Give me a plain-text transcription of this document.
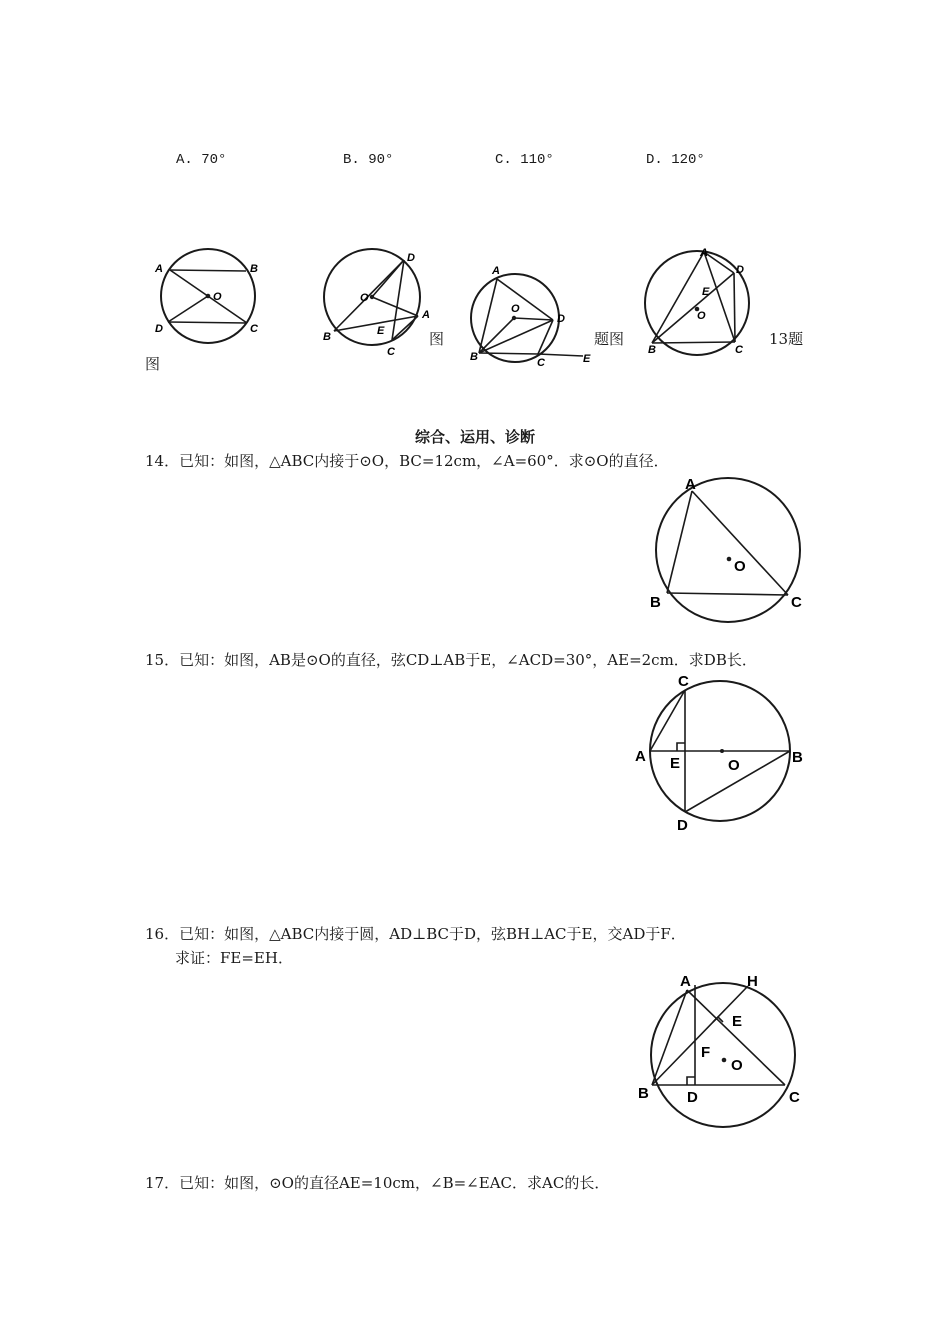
A. 70°	B. 90°	C. 110°	D. 120°
A	B
O
D	C
D
O
A
B	E
C
图
A
O
D
B	C	E
题图
A
D
E
O
B	C
13题
图
综合、运用、诊断
14．已知：如图，△ABC内接于⊙O，BC=12cm，∠A=60°．求⊙O的直径．
A
O
B	C
15．已知：如图，AB是⊙O的直径，弦CD⊥AB于E，∠ACD=30°，AE=2cm．求DB长．
C
A E	O	B
D
16．已知：如图，△ABC内接于圆，AD⊥BC于D，弦BH⊥AC于E，交AD于F．
求证：FE=EH．
A	H
E
F
O
B	D	C
17．已知：如图，⊙O的直径AE=10cm，∠B=∠EAC．求AC的长．
